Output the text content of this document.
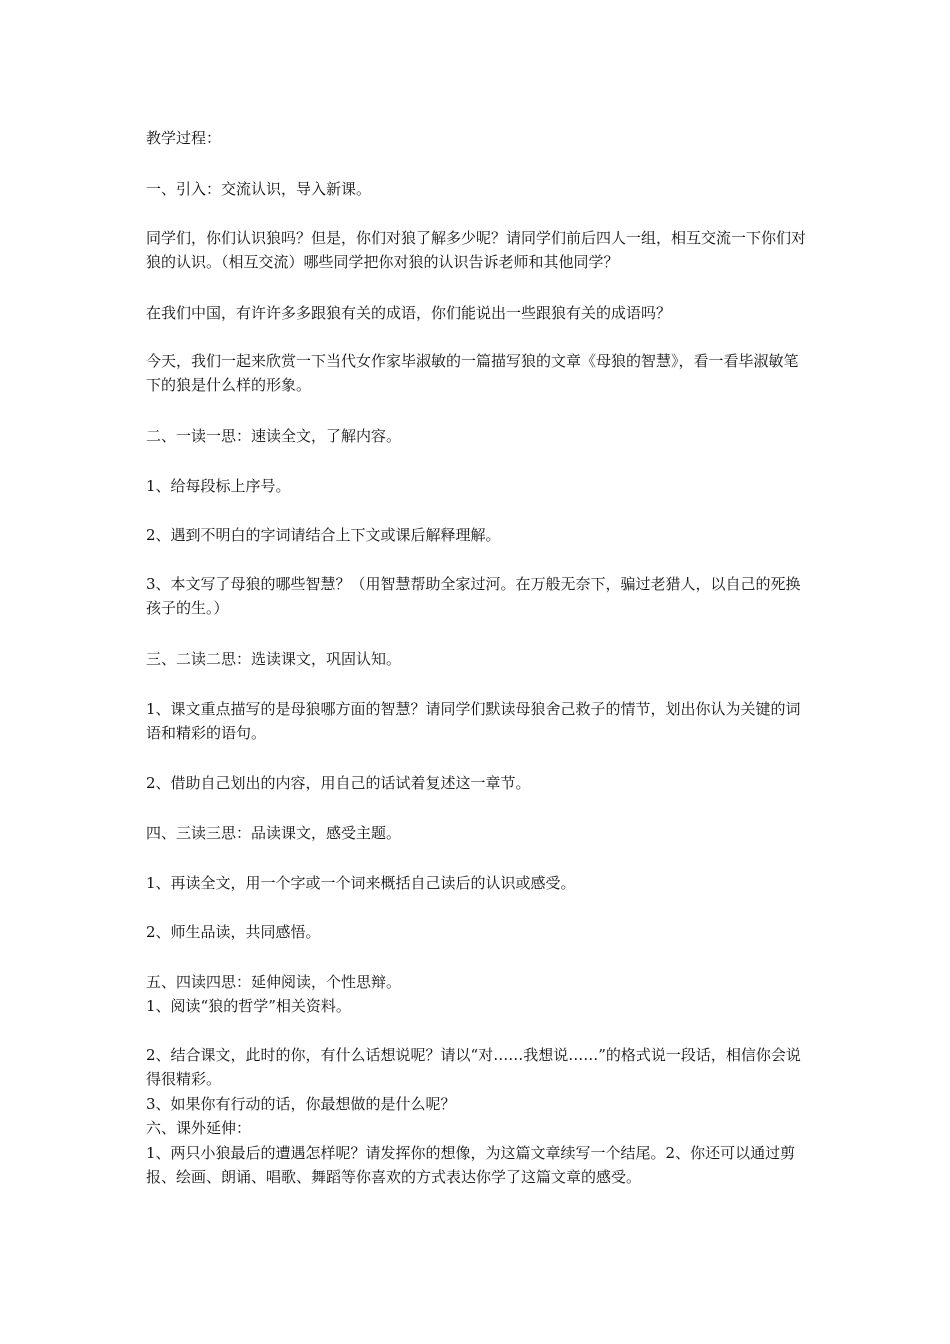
教学过程：

一、引入：交流认识，导入新课。

同学们，你们认识狼吗？但是，你们对狼了解多少呢？请同学们前后四人一组，相互交流一下你们对狼的认识。（相互交流）哪些同学把你对狼的认识告诉老师和其他同学？

在我们中国，有许许多多跟狼有关的成语，你们能说出一些跟狼有关的成语吗？

今天，我们一起来欣赏一下当代女作家毕淑敏的一篇描写狼的文章《母狼的智慧》，看一看毕淑敏笔下的狼是什么样的形象。

二、一读一思：速读全文，了解内容。

1、给每段标上序号。

2、遇到不明白的字词请结合上下文或课后解释理解。

3、本文写了母狼的哪些智慧？（用智慧帮助全家过河。在万般无奈下，骗过老猎人，以自己的死换孩子的生。）

三、二读二思：选读课文，巩固认知。

1、课文重点描写的是母狼哪方面的智慧？请同学们默读母狼舍己救子的情节，划出你认为关键的词语和精彩的语句。

2、借助自己划出的内容，用自己的话试着复述这一章节。

四、三读三思：品读课文，感受主题。

1、再读全文，用一个字或一个词来概括自己读后的认识或感受。

2、师生品读，共同感悟。

五、四读四思：延伸阅读，个性思辩。

1、阅读“狼的哲学”相关资料。

2、结合课文，此时的你，有什么话想说呢？请以“对……我想说……”的格式说一段话，相信你会说得很精彩。

3、如果你有行动的话，你最想做的是什么呢？

六、课外延伸：

1、两只小狼最后的遭遇怎样呢？请发挥你的想像，为这篇文章续写一个结尾。2、你还可以通过剪报、绘画、朗诵、唱歌、舞蹈等你喜欢的方式表达你学了这篇文章的感受。
